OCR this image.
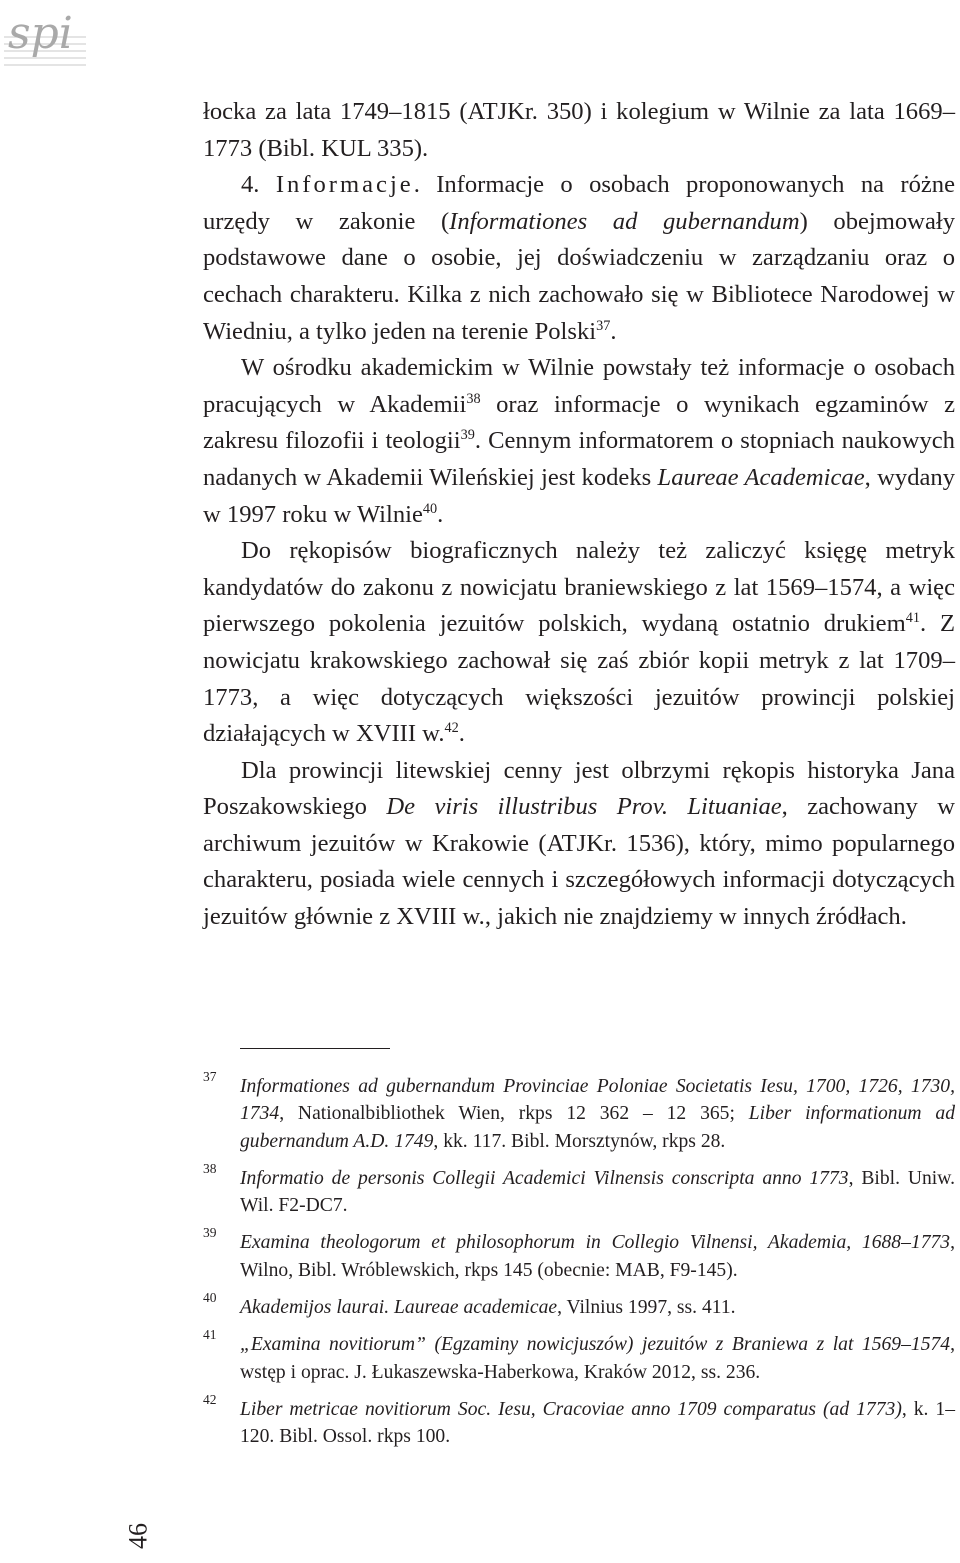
spi

łocka za lata 1749–1815 (ATJKr. 350) i kolegium w Wilnie za lata 1669–1773 (Bibl. KUL 335).

4. Informacje. Informacje o osobach proponowanych na różne urzędy w zakonie (Informationes ad gubernandum) obejmowały podstawowe dane o osobie, jej doświadczeniu w zarządzaniu oraz o cechach charakteru. Kilka z nich zachowało się w Bibliotece Narodowej w Wiedniu, a tylko jeden na terenie Polski$^{37}$.

W ośrodku akademickim w Wilnie powstały też informacje o osobach pracujących w Akademii$^{38}$ oraz informacje o wynikach egzaminów z zakresu filozofii i teologii$^{39}$. Cennym informatorem o stopniach naukowych nadanych w Akademii Wileńskiej jest kodeks Laureae Academicae, wydany w 1997 roku w Wilnie$^{40}$.

Do rękopisów biograficznych należy też zaliczyć księgę metryk kandydatów do zakonu z nowicjatu braniewskiego z lat 1569–1574, a więc pierwszego pokolenia jezuitów polskich, wydaną ostatnio drukiem$^{41}$. Z nowicjatu krakowskiego zachował się zaś zbiór kopii metryk z lat 1709–1773, a więc dotyczących większości jezuitów prowincji polskiej działających w XVIII w.$^{42}$.

Dla prowincji litewskiej cenny jest olbrzymi rękopis historyka Jana Poszakowskiego De viris illustribus Prov. Lituaniae, zachowany w archiwum jezuitów w Krakowie (ATJKr. 1536), który, mimo popularnego charakteru, posiada wiele cennych i szczegółowych informacji dotyczących jezuitów głównie z XVIII w., jakich nie znajdziemy w innych źródłach.

37 Informationes ad gubernandum Provinciae Poloniae Societatis Iesu, 1700, 1726, 1730, 1734, Nationalbibliothek Wien, rkps 12 362 – 12 365; Liber informationum ad gubernandum A.D. 1749, kk. 117. Bibl. Morsztynów, rkps 28.
38 Informatio de personis Collegii Academici Vilnensis conscripta anno 1773, Bibl. Uniw. Wil. F2-DC7.
39 Examina theologorum et philosophorum in Collegio Vilnensi, Akademia, 1688–1773, Wilno, Bibl. Wróblewskich, rkps 145 (obecnie: MAB, F9-145).
40 Akademijos laurai. Laureae academicae, Vilnius 1997, ss. 411.
41 „Examina novitiorum” (Egzaminy nowicjuszów) jezuitów z Braniewa z lat 1569–1574, wstęp i oprac. J. Łukaszewska-Haberkowa, Kraków 2012, ss. 236.
42 Liber metricae novitiorum Soc. Iesu, Cracoviae anno 1709 comparatus (ad 1773), k. 1–120. Bibl. Ossol. rkps 100.
46
